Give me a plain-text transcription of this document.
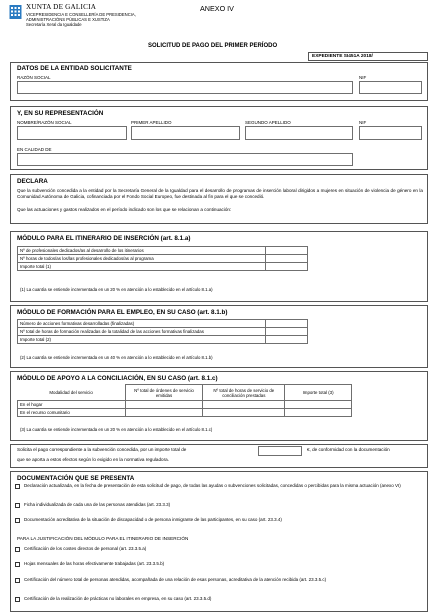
XUNTA DE GALICIA
VICEPRESIDENCIA E CONSELLERÍA DE PRESIDENCIA,
ADMINISTRACIÓNS PÚBLICAS E XUSTIZA
Secretaría Xeral da Igualdade
ANEXO IV
SOLICITUD DE PAGO DEL PRIMER PERÍODO
EXPEDIENTE SI451A 2018/
DATOS DE LA ENTIDAD SOLICITANTE
RAZÓN SOCIAL	NIF
Y, EN SU REPRESENTACIÓN
NOMBRE/RAZÓN SOCIAL	PRIMER APELLIDO	SEGUNDO APELLIDO	NIF
EN CALIDAD DE
DECLARA
Que la subvención concedida a la entidad por la Secretaría General de la Igualdad para el desarrollo de programas de inserción laboral dirigidos a mujeres en situación de violencia de género en la Comunidad Autónoma de Galicia, cofinanciada por el Fondo Social Europeo, fue destinada al fin para el que se concedió.
Que las actuaciones y gastos realizados en el período indicado son los que se relacionan a continuación:
MÓDULO PARA EL ITINERARIO DE INSERCIÓN (art. 8.1.a)
Nº de profesionales dedicados/as al desarrollo de los itinerarios	
Nº horas de todos/as los/las profesionales dedicados/as al programa	
Importe total (1)	
(1) La cuantía se entiende incrementada en un 20 % en atención a lo establecido en el artículo 8.1.a)
MÓDULO DE FORMACIÓN PARA EL EMPLEO, EN SU CASO (art. 8.1.b)
Número de acciones formativas desarrolladas (finalizadas)	
Nº total de horas de formación realizadas de la totalidad de las acciones formativas finalizadas	
Importe total (2)	
(2) La cuantía se entiende incrementada en un 40 % en atención a lo establecido en el artículo 8.1.b)
MÓDULO DE APOYO A LA CONCILIACIÓN, EN SU CASO (art. 8.1.c)
Modalidad del servicio	Nº total de órdenes de servicio emitidas	Nº total de horas de servicio de conciliación prestadas	Importe total (3)
En el hogar			
En el recurso comunitario			
(3) La cuantía se entiende incrementada en un 20 % en atención a lo establecido en el artículo 8.1.c)
Solicita el pago correspondiente a la subvención concedida, por un importe total de	€, de conformidad con la documentación
que se aporta a estos efectos según lo exigido en la normativa reguladora.
DOCUMENTACIÓN QUE SE PRESENTA
Declaración actualizada, en la fecha de presentación de esta solicitud de pago, de todas las ayudas o subvenciones solicitadas, concedidas o percibidas para la misma actuación (anexo VI)
Ficha individualizada de cada una de las personas atendidas (art. 23.3.3)
Documentación acreditativa de la situación de discapacidad o de persona inmigrante de las participantes, en su caso (art. 23.3.4)
PARA LA JUSTIFICACIÓN DEL MÓDULO PARA EL ITINERARIO DE INSERCIÓN
Certificación de los costes directos de personal (art. 23.3.5.a)
Hojas mensuales de las horas efectivamente trabajadas (art. 23.3.5.b)
Certificación del número total de personas atendidas, acompañada de una relación de esas personas, acreditativa de la atención recibida (art. 23.3.5.c)
Certificación de la realización de prácticas no laborales en empresa, en su caso (art. 23.3.5.d)
